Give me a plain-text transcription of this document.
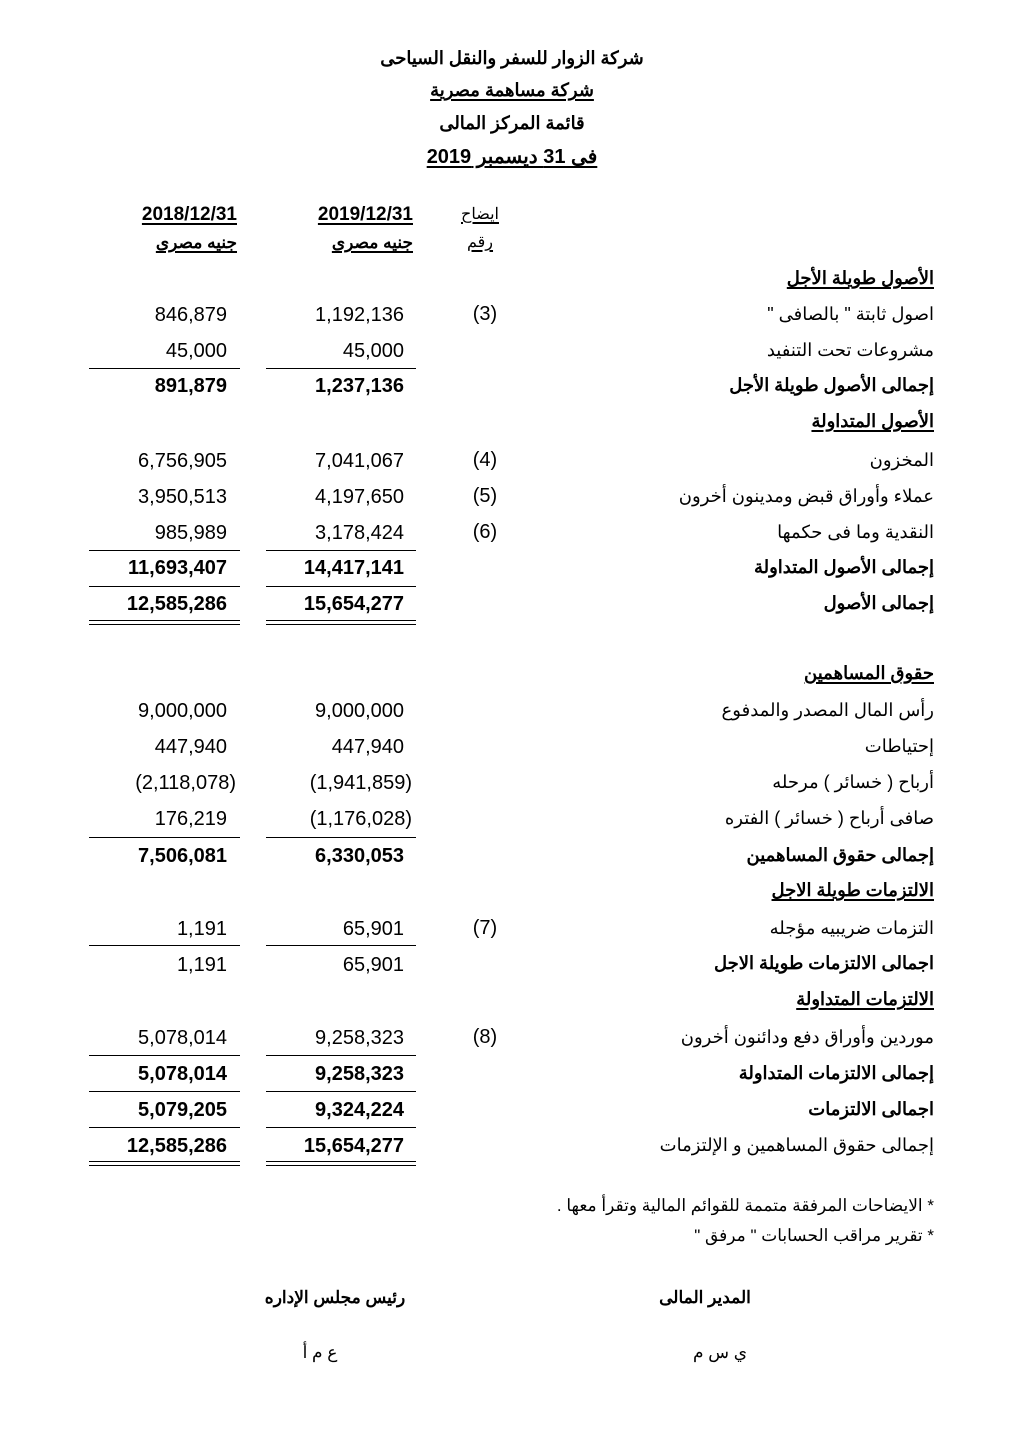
شركة الزوار للسفر والنقل السياحى
شركة مساهمة مصرية
قائمة المركز المالى
فى 31 ديسمبر 2019
2018/12/31
جنيه مصرى
2019/12/31
جنيه مصرى
ايضاح
رقم
الأصول طويلة الأجل
اصول ثابتة " بالصافى "
(3)
1,192,136
846,879
مشروعات تحت التنفيد
45,000
45,000
إجمالى الأصول طويلة الأجل
1,237,136
891,879
الأصول المتداولة
المخزون
(4)
7,041,067
6,756,905
عملاء وأوراق قبض ومدينون أخرون
(5)
4,197,650
3,950,513
النقدية وما فى حكمها
(6)
3,178,424
985,989
إجمالى الأصول المتداولة
14,417,141
11,693,407
إجمالى الأصول
15,654,277
12,585,286
حقوق المساهمين
رأس المال المصدر والمدفوع
9,000,000
9,000,000
إحتياطات
447,940
447,940
أرباح ( خسائر ) مرحله
(1,941,859)
(2,118,078)
صافى أرباح ( خسائر ) الفتره
(1,176,028)
176,219
إجمالى حقوق المساهمين
6,330,053
7,506,081
الالتزمات طويلة الاجل
التزمات ضريبيه مؤجله
(7)
65,901
1,191
اجمالى الالتزمات طويلة الاجل
65,901
1,191
الالتزمات المتداولة
موردين وأوراق دفع ودائنون أخرون
(8)
9,258,323
5,078,014
إجمالى الالتزمات المتداولة
9,258,323
5,078,014
اجمالى الالتزمات
9,324,224
5,079,205
إجمالى حقوق المساهمين و الإلتزمات
15,654,277
12,585,286
* الايضاحات المرفقة متممة للقوائم المالية وتقرأ معها .
* تقرير مراقب الحسابات " مرفق "
المدير المالى
ي س م
رئيس مجلس الإداره
ع م أ
